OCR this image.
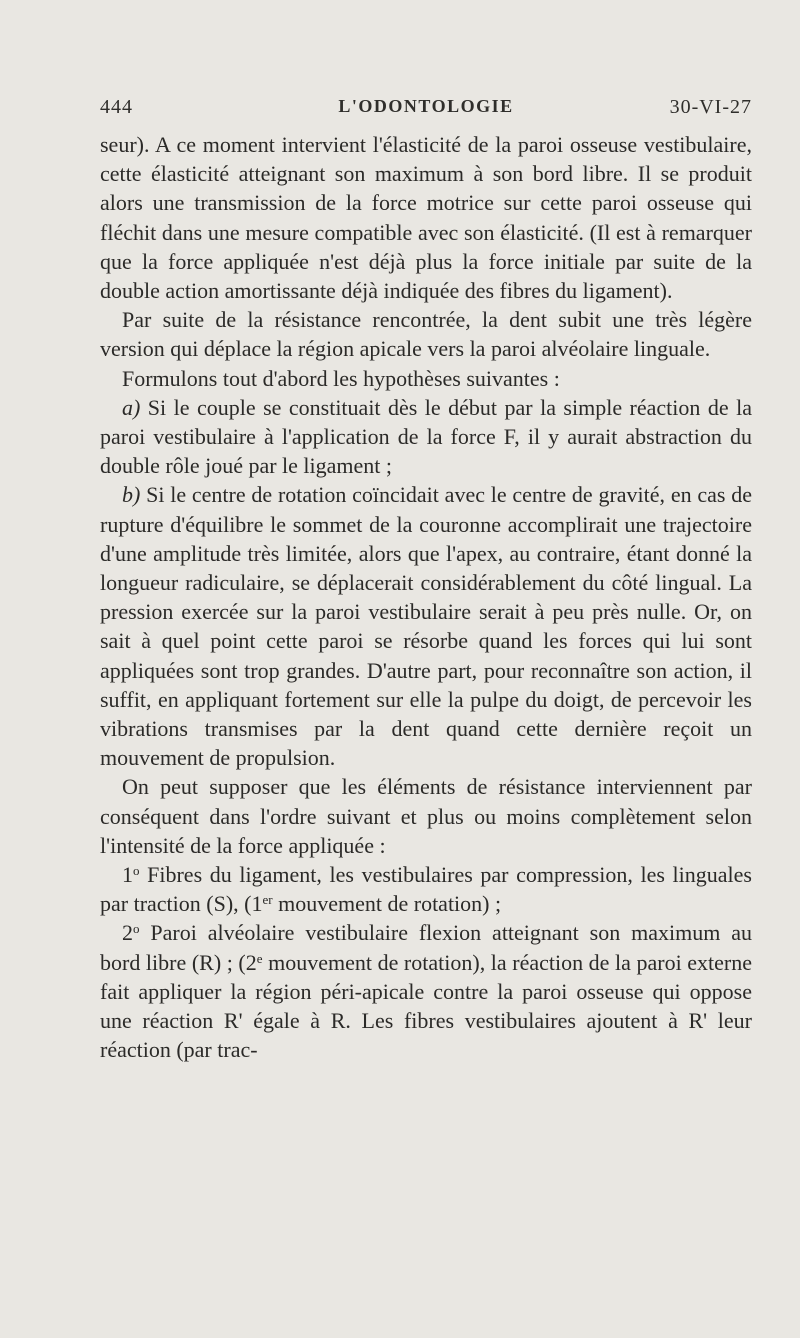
444	L'ODONTOLOGIE	30-VI-27

seur). A ce moment intervient l'élasticité de la paroi osseuse vestibulaire, cette élasticité atteignant son maximum à son bord libre. Il se produit alors une transmission de la force motrice sur cette paroi osseuse qui fléchit dans une mesure compatible avec son élasticité. (Il est à remarquer que la force appliquée n'est déjà plus la force initiale par suite de la double action amortissante déjà indiquée des fibres du ligament).

Par suite de la résistance rencontrée, la dent subit une très légère version qui déplace la région apicale vers la paroi alvéolaire linguale.

Formulons tout d'abord les hypothèses suivantes :

a) Si le couple se constituait dès le début par la simple réaction de la paroi vestibulaire à l'application de la force F, il y aurait abstraction du double rôle joué par le ligament ;

b) Si le centre de rotation coïncidait avec le centre de gravité, en cas de rupture d'équilibre le sommet de la couronne accomplirait une trajectoire d'une amplitude très limitée, alors que l'apex, au contraire, étant donné la longueur radiculaire, se déplacerait considérablement du côté lingual. La pression exercée sur la paroi vestibulaire serait à peu près nulle. Or, on sait à quel point cette paroi se résorbe quand les forces qui lui sont appliquées sont trop grandes. D'autre part, pour reconnaître son action, il suffit, en appliquant fortement sur elle la pulpe du doigt, de percevoir les vibrations transmises par la dent quand cette dernière reçoit un mouvement de propulsion.

On peut supposer que les éléments de résistance interviennent par conséquent dans l'ordre suivant et plus ou moins complètement selon l'intensité de la force appliquée :

1$^o$ Fibres du ligament, les vestibulaires par compression, les linguales par traction (S), (1er mouvement de rotation) ;

2$^o$ Paroi alvéolaire vestibulaire flexion atteignant son maximum au bord libre (R) ; (2e mouvement de rotation), la réaction de la paroi externe fait appliquer la région péri-apicale contre la paroi osseuse qui oppose une réaction R' égale à R. Les fibres vestibulaires ajoutent à R' leur réaction (par trac-
